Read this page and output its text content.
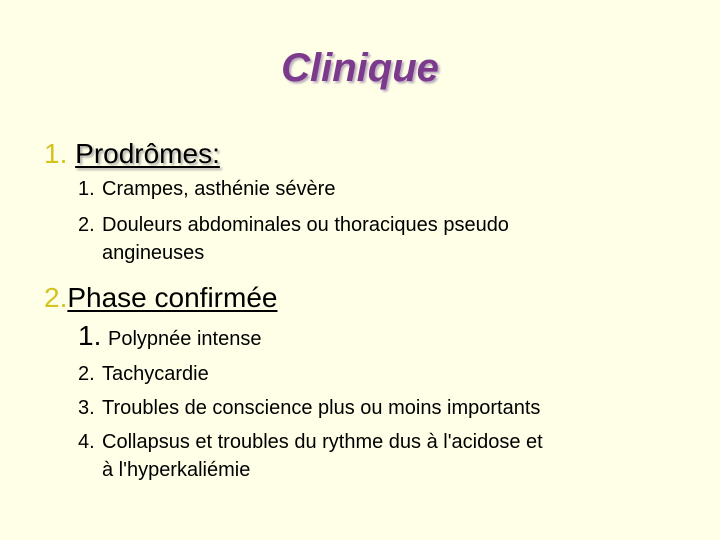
Clinique
1. Prodrômes:
1. Crampes, asthénie sévère
2. Douleurs abdominales ou thoraciques pseudo
angineuses
2.Phase confirmée
1. Polypnée intense
2. Tachycardie
3. Troubles de conscience plus ou moins importants
4. Collapsus et troubles du rythme dus à l'acidose et
à l'hyperkaliémie
